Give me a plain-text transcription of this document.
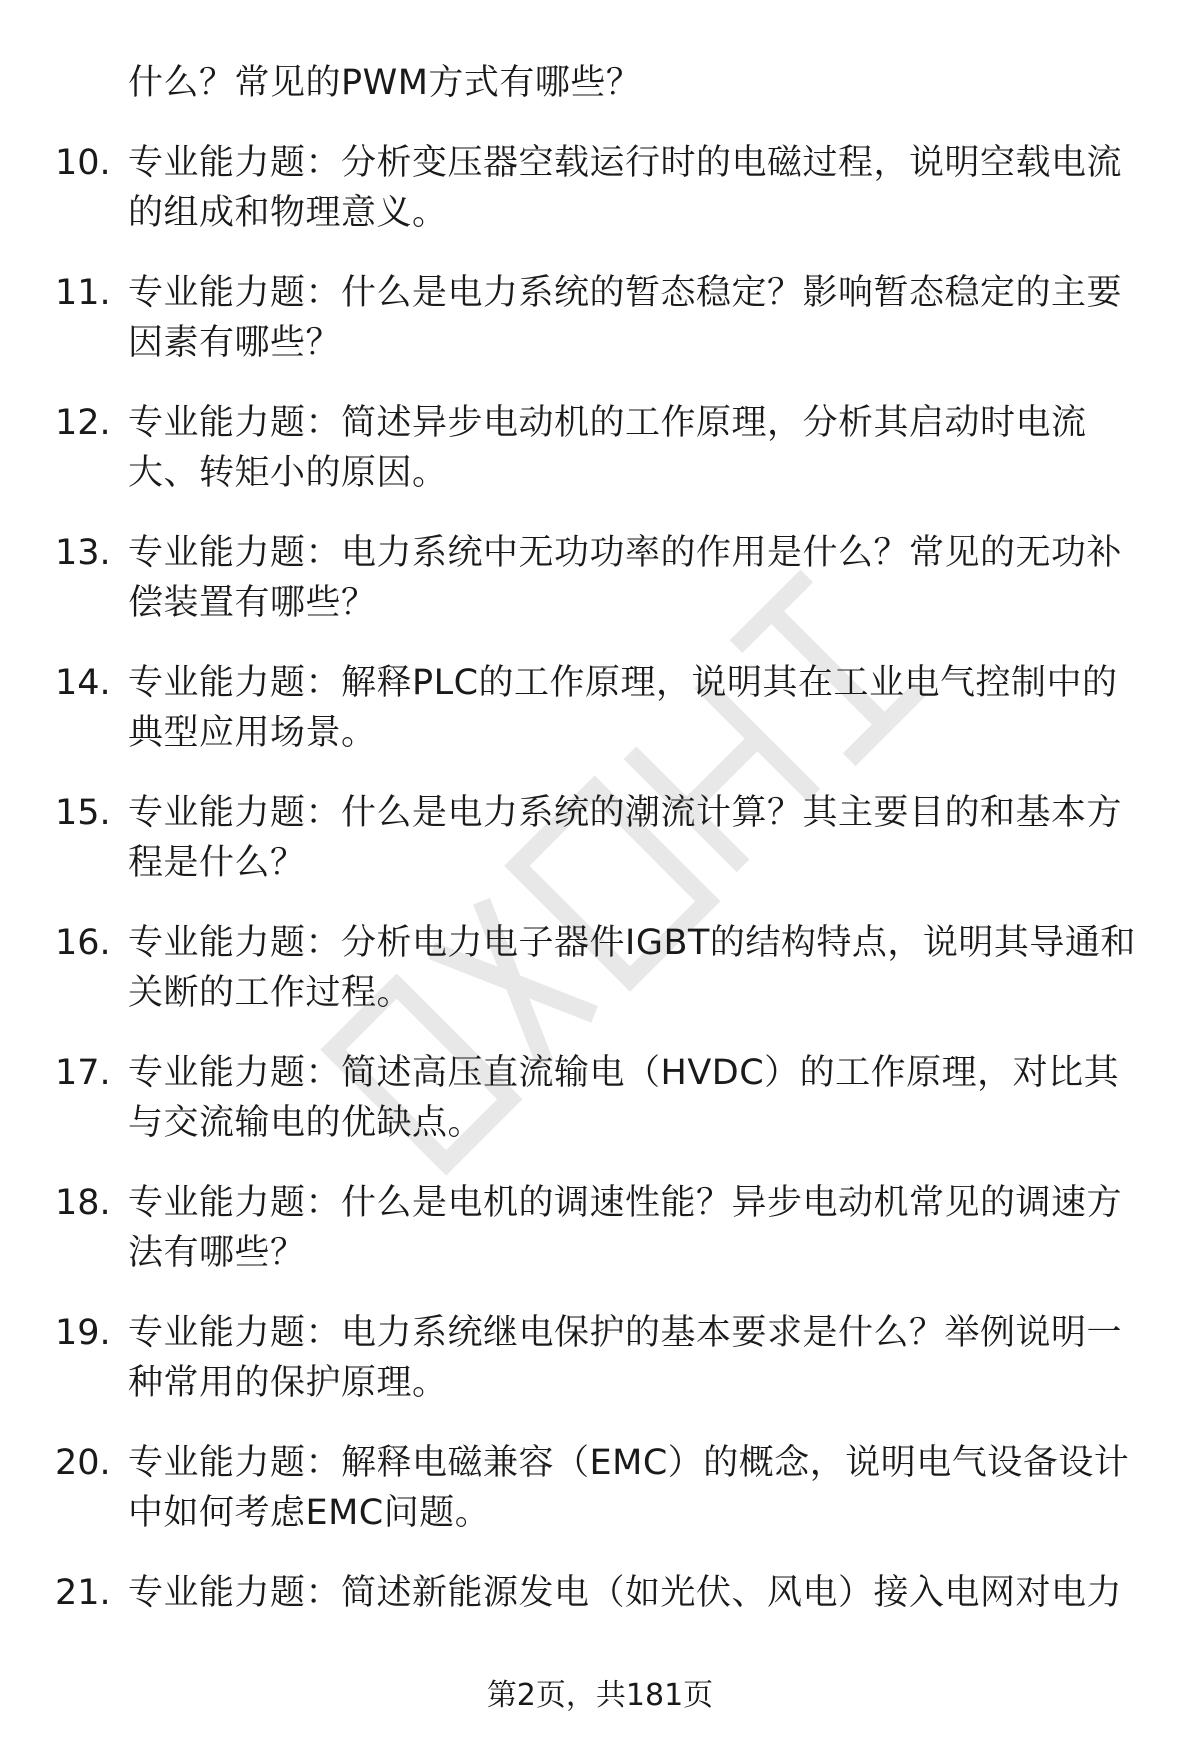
什么？常见的PWM方式有哪些？
10. 专业能力题：分析变压器空载运行时的电磁过程，说明空载电流的组成和物理意义。
11. 专业能力题：什么是电力系统的暂态稳定？影响暂态稳定的主要因素有哪些？
12. 专业能力题：简述异步电动机的工作原理，分析其启动时电流大、转矩小的原因。
13. 专业能力题：电力系统中无功功率的作用是什么？常见的无功补偿装置有哪些？
14. 专业能力题：解释PLC的工作原理，说明其在工业电气控制中的典型应用场景。
15. 专业能力题：什么是电力系统的潮流计算？其主要目的和基本方程是什么？
16. 专业能力题：分析电力电子器件IGBT的结构特点，说明其导通和关断的工作过程。
17. 专业能力题：简述高压直流输电（HVDC）的工作原理，对比其与交流输电的优缺点。
18. 专业能力题：什么是电机的调速性能？异步电动机常见的调速方法有哪些？
19. 专业能力题：电力系统继电保护的基本要求是什么？举例说明一种常用的保护原理。
20. 专业能力题：解释电磁兼容（EMC）的概念，说明电气设备设计中如何考虑EMC问题。
21. 专业能力题：简述新能源发电（如光伏、风电）接入电网对电力
第2页，共181页
